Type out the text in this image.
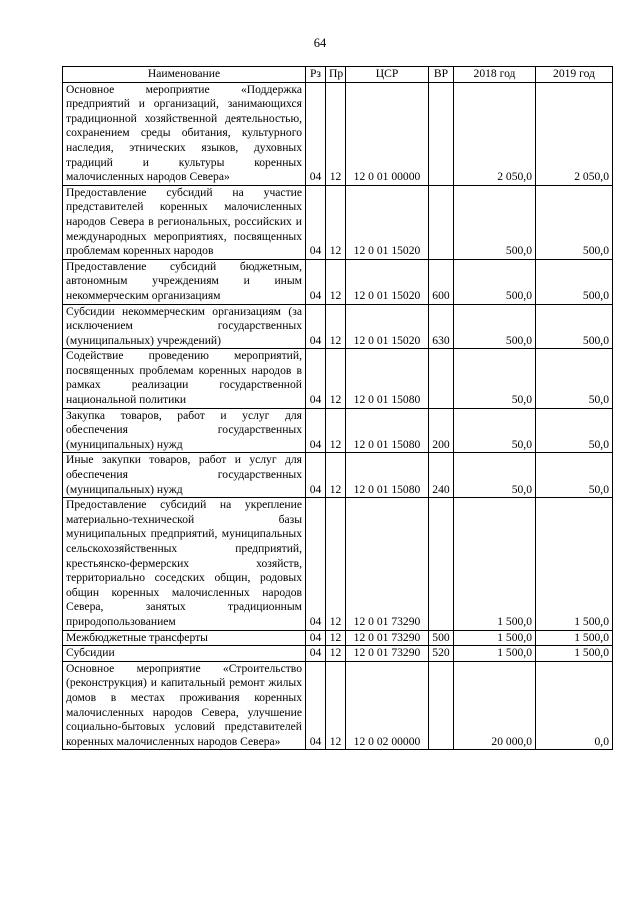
64
Наименование	Рз	Пр	ЦСР	ВР	2018 год	2019 год
Основное мероприятие «Поддержка предприятий и организаций, занимающихся традиционной хозяйственной деятельностью, сохранением среды обитания, культурного наследия, этнических языков, духовных традиций и культуры коренных малочисленных народов Севера»	04	12	12 0 01 00000		2 050,0	2 050,0
Предоставление субсидий на участие представителей коренных малочисленных народов Севера в региональных, российских и международных мероприятиях, посвященных проблемам коренных народов	04	12	12 0 01 15020		500,0	500,0
Предоставление субсидий бюджетным, автономным учреждениям и иным некоммерческим организациям	04	12	12 0 01 15020	600	500,0	500,0
Субсидии некоммерческим организациям (за исключением государственных (муниципальных) учреждений)	04	12	12 0 01 15020	630	500,0	500,0
Содействие проведению мероприятий, посвященных проблемам коренных народов в рамках реализации государственной национальной политики	04	12	12 0 01 15080		50,0	50,0
Закупка товаров, работ и услуг для обеспечения государственных (муниципальных) нужд	04	12	12 0 01 15080	200	50,0	50,0
Иные закупки товаров, работ и услуг для обеспечения государственных (муниципальных) нужд	04	12	12 0 01 15080	240	50,0	50,0
Предоставление субсидий на укрепление материально-технической базы муниципальных предприятий, муниципальных сельскохозяйственных предприятий, крестьянско-фермерских хозяйств, территориально соседских общин, родовых общин коренных малочисленных народов Севера, занятых традиционным природопользованием	04	12	12 0 01 73290		1 500,0	1 500,0
Межбюджетные трансферты	04	12	12 0 01 73290	500	1 500,0	1 500,0
Субсидии	04	12	12 0 01 73290	520	1 500,0	1 500,0
Основное мероприятие «Строительство (реконструкция) и капитальный ремонт жилых домов в местах проживания коренных малочисленных народов Севера, улучшение социально-бытовых условий представителей коренных малочисленных народов Севера»	04	12	12 0 02 00000		20 000,0	0,0
